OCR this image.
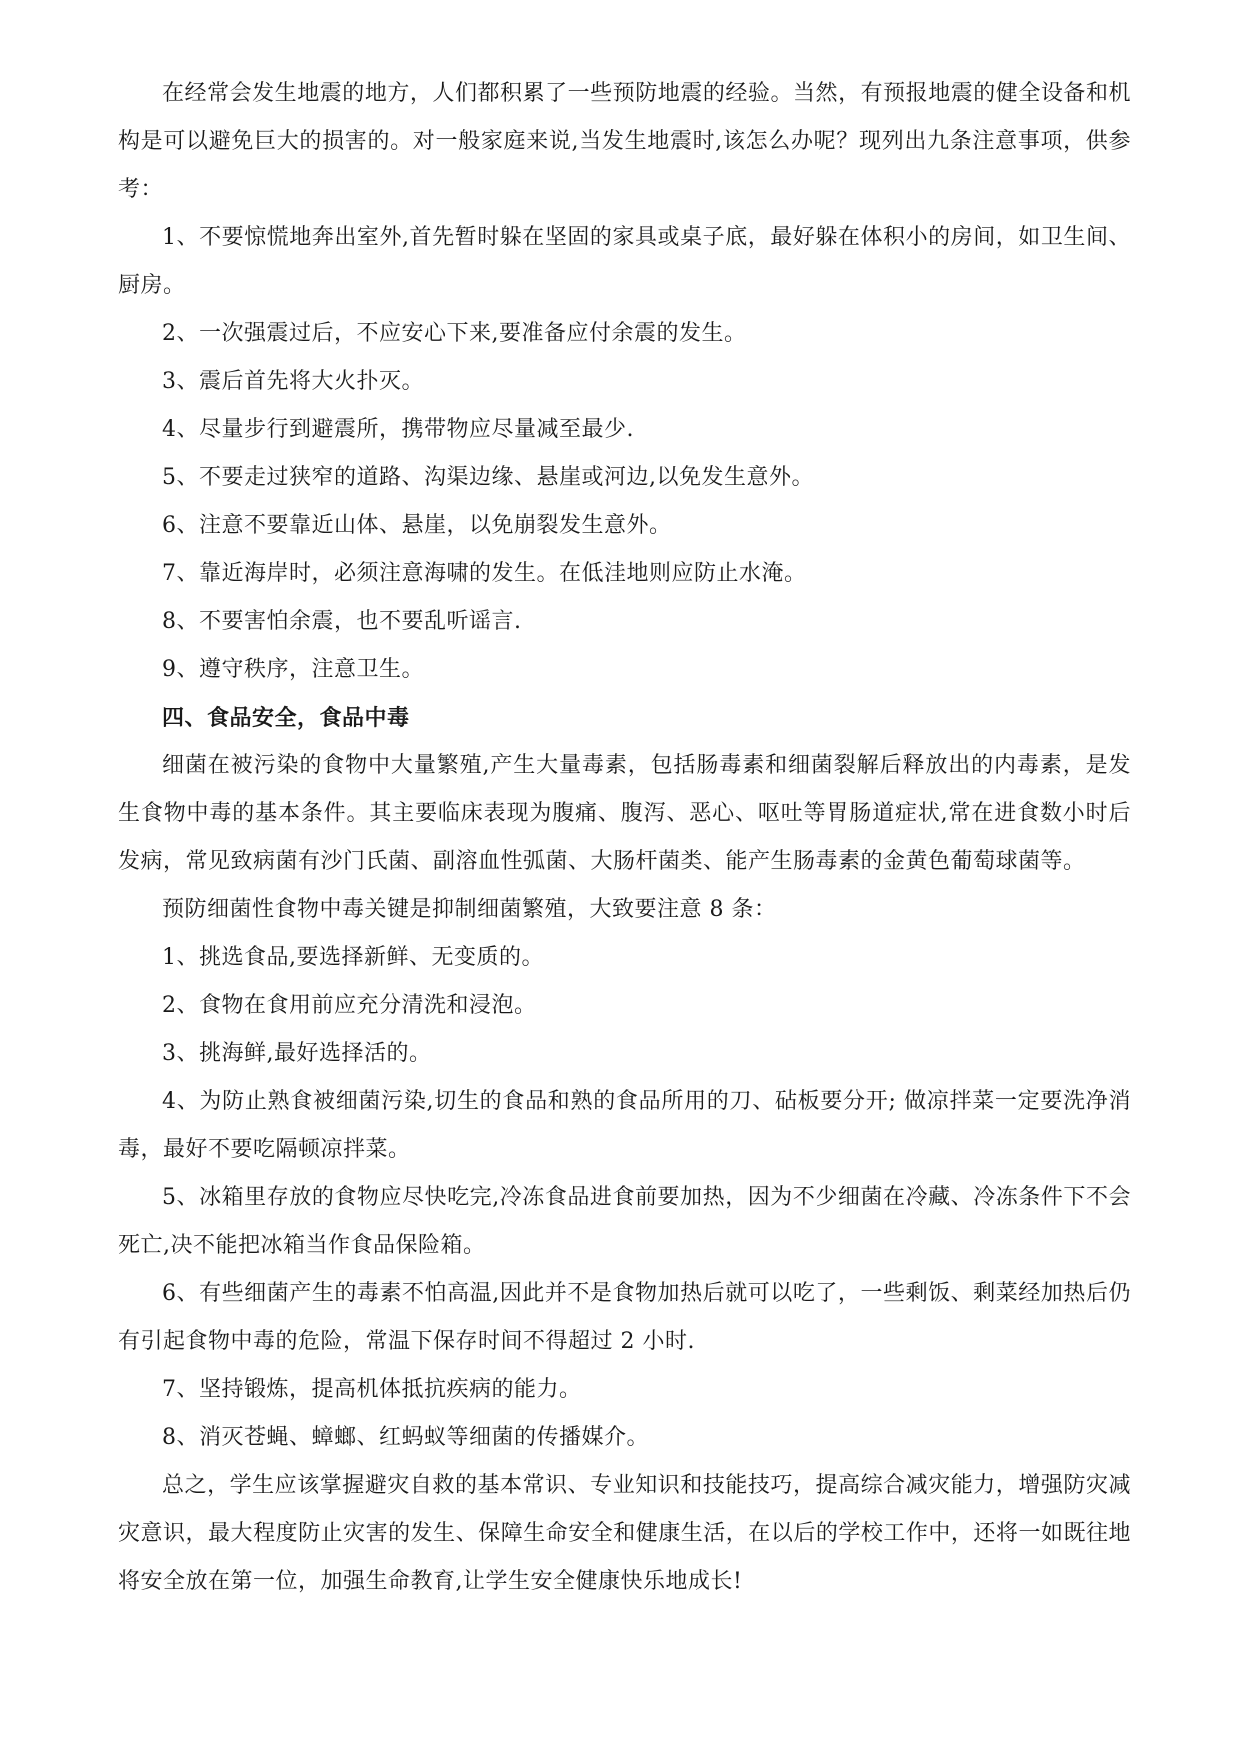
在经常会发生地震的地方，人们都积累了一些预防地震的经验。当然，有预报地震的健全设备和机构是可以避免巨大的损害的。对一般家庭来说,当发生地震时,该怎么办呢？现列出九条注意事项，供参考：

1、不要惊慌地奔出室外,首先暂时躲在坚固的家具或桌子底，最好躲在体积小的房间，如卫生间、厨房。

2、一次强震过后，不应安心下来,要准备应付余震的发生。

3、震后首先将大火扑灭。

4、尽量步行到避震所，携带物应尽量减至最少.

5、不要走过狭窄的道路、沟渠边缘、悬崖或河边,以免发生意外。

6、注意不要靠近山体、悬崖，以免崩裂发生意外。

7、靠近海岸时，必须注意海啸的发生。在低洼地则应防止水淹。

8、不要害怕余震，也不要乱听谣言.

9、遵守秩序，注意卫生。

四、食品安全，食品中毒

细菌在被污染的食物中大量繁殖,产生大量毒素，包括肠毒素和细菌裂解后释放出的内毒素，是发生食物中毒的基本条件。其主要临床表现为腹痛、腹泻、恶心、呕吐等胃肠道症状,常在进食数小时后发病，常见致病菌有沙门氏菌、副溶血性弧菌、大肠杆菌类、能产生肠毒素的金黄色葡萄球菌等。

预防细菌性食物中毒关键是抑制细菌繁殖，大致要注意 8 条：

1、挑选食品,要选择新鲜、无变质的。

2、食物在食用前应充分清洗和浸泡。

3、挑海鲜,最好选择活的。

4、为防止熟食被细菌污染,切生的食品和熟的食品所用的刀、砧板要分开; 做凉拌菜一定要洗净消毒，最好不要吃隔顿凉拌菜。

5、冰箱里存放的食物应尽快吃完,冷冻食品进食前要加热，因为不少细菌在冷藏、冷冻条件下不会死亡,决不能把冰箱当作食品保险箱。

6、有些细菌产生的毒素不怕高温,因此并不是食物加热后就可以吃了，一些剩饭、剩菜经加热后仍有引起食物中毒的危险，常温下保存时间不得超过 2 小时.

7、坚持锻炼，提高机体抵抗疾病的能力。

8、消灭苍蝇、蟑螂、红蚂蚁等细菌的传播媒介。

总之，学生应该掌握避灾自救的基本常识、专业知识和技能技巧，提高综合减灾能力，增强防灾减灾意识，最大程度防止灾害的发生、保障生命安全和健康生活，在以后的学校工作中，还将一如既往地将安全放在第一位，加强生命教育,让学生安全健康快乐地成长!
